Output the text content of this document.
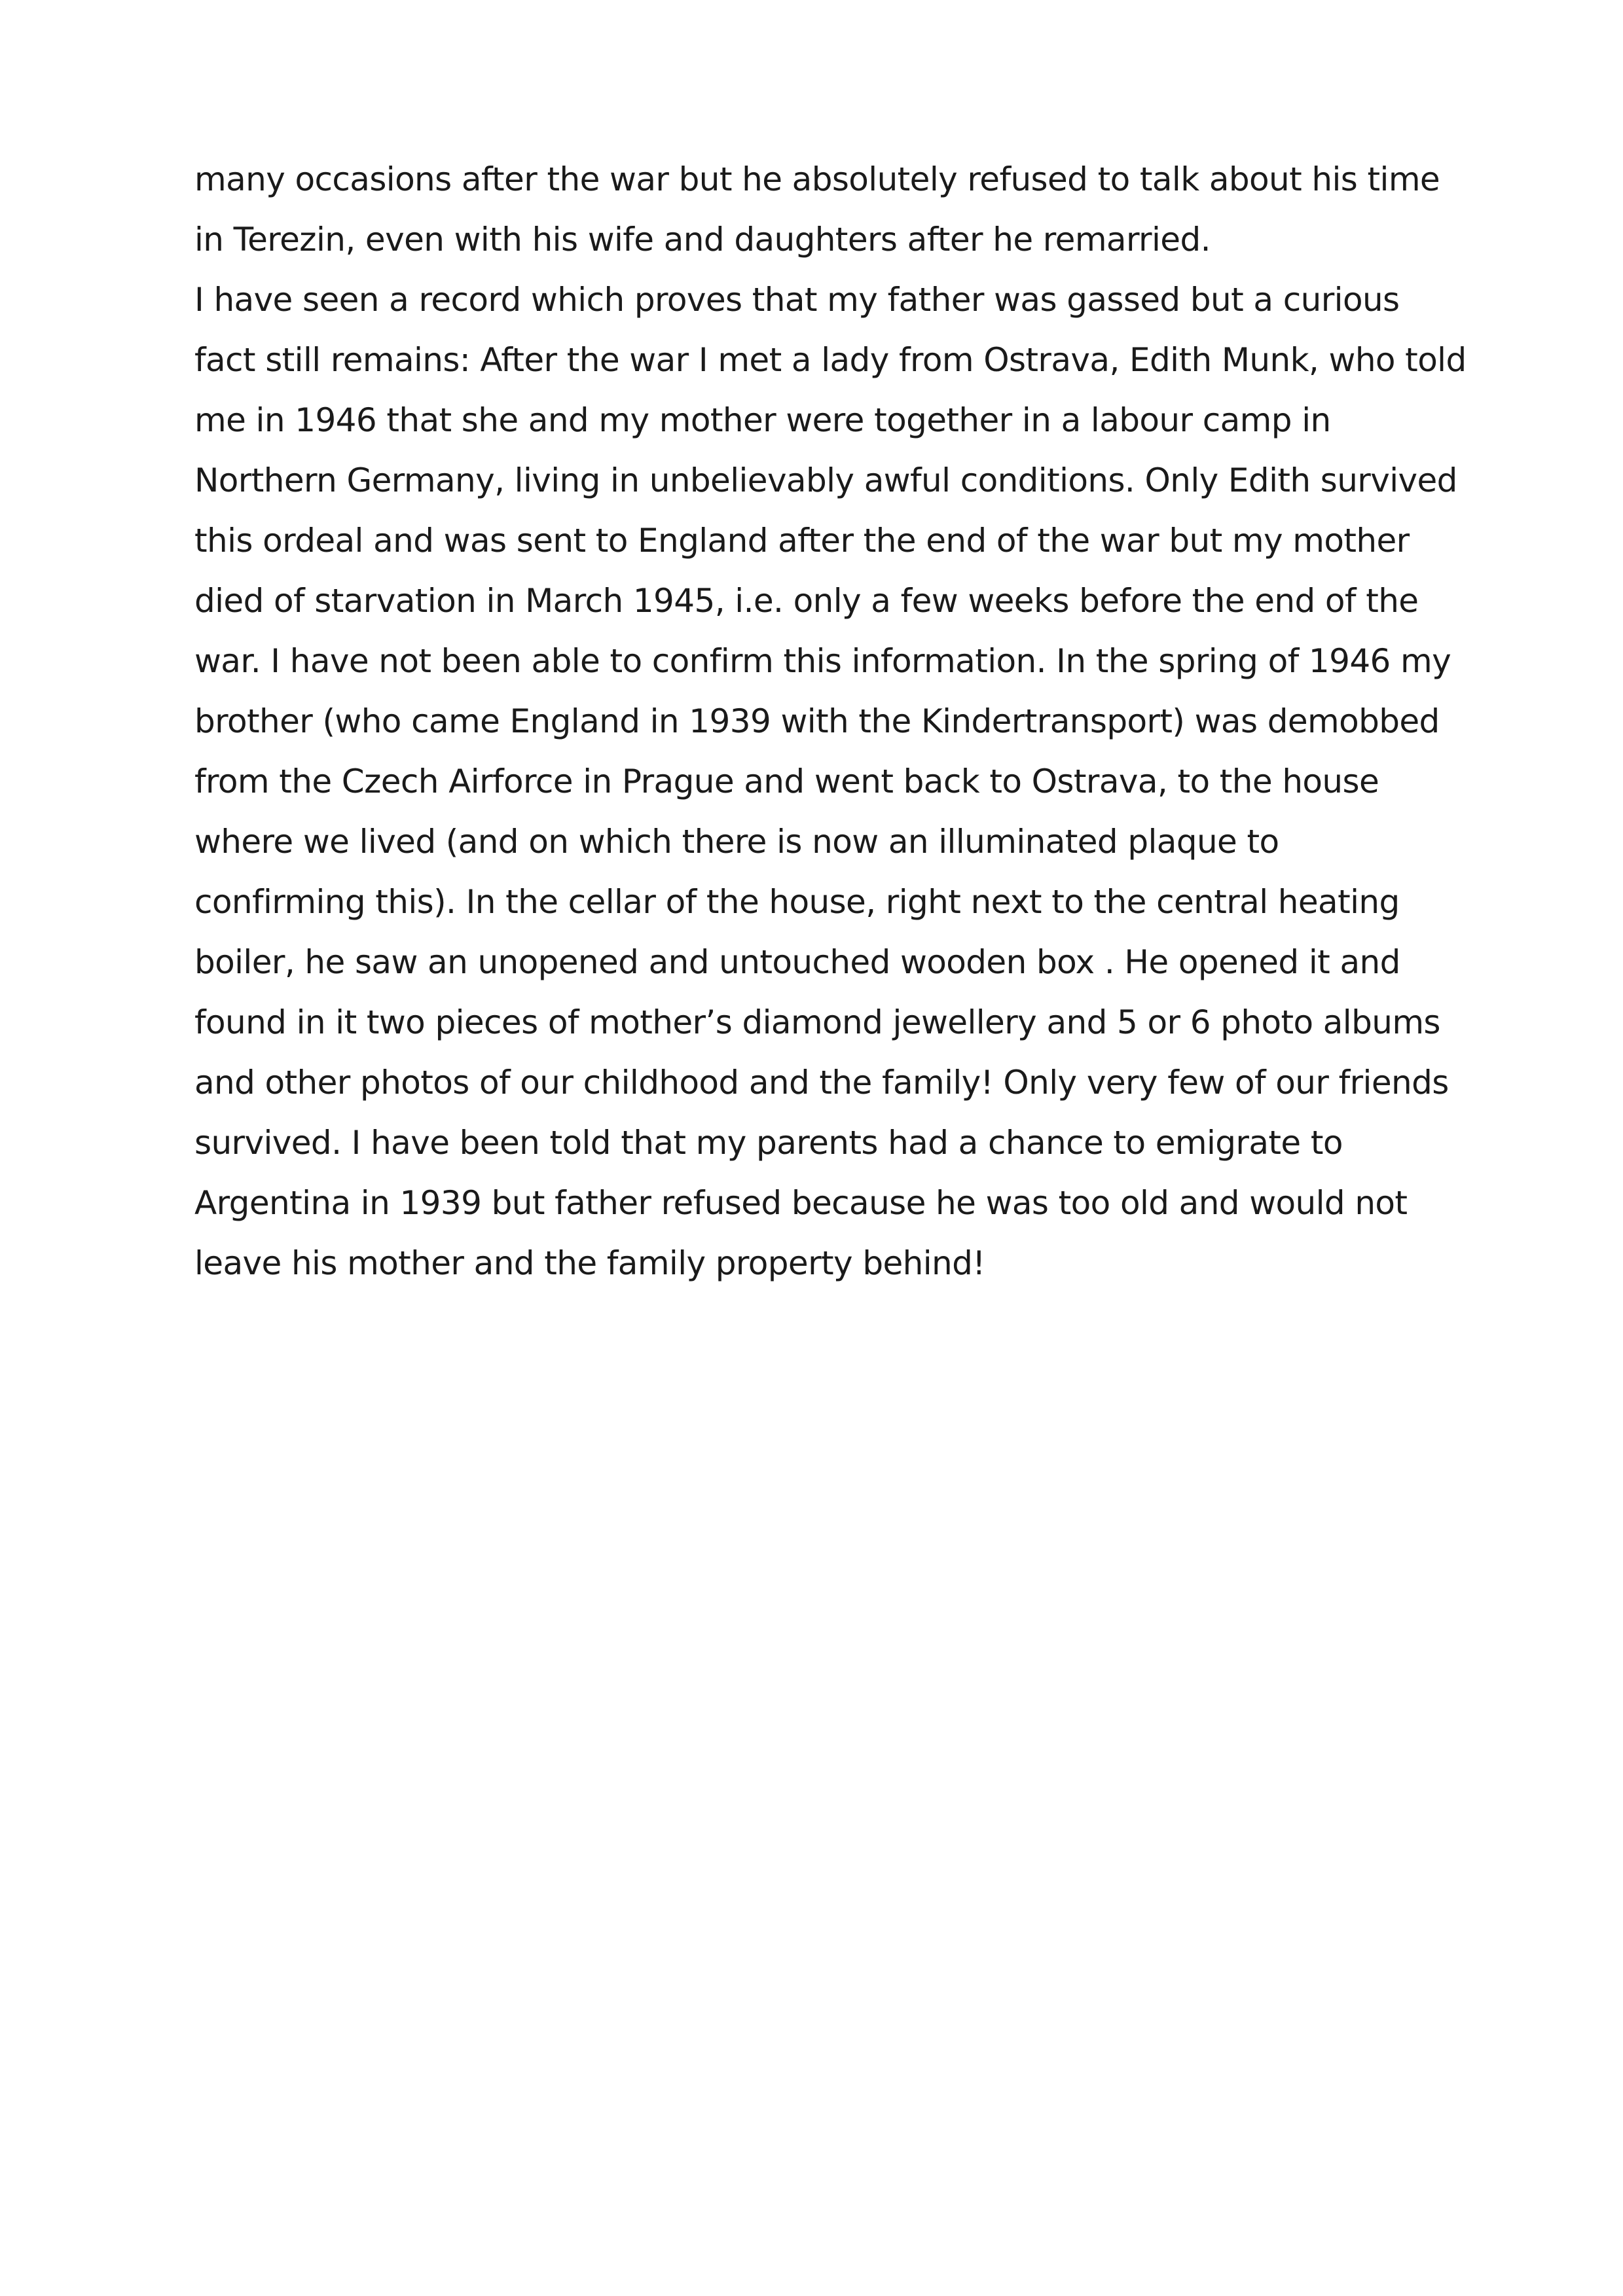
many occasions after the war but he absolutely refused to talk about his time
in Terezin, even with his wife and daughters after he remarried.
I have seen a record which proves that my father was gassed but a curious
fact still remains: After the war I met a lady from Ostrava, Edith Munk, who told
me in 1946 that she and my mother were together in a labour camp in
Northern Germany, living in unbelievably awful conditions. Only Edith survived
this ordeal and was sent to England after the end of the war but my mother
died of starvation in March 1945, i.e. only a few weeks before the end of the
war. I have not been able to confirm this information. In the spring of 1946 my
brother (who came England in 1939 with the Kindertransport) was demobbed
from the Czech Airforce in Prague and went back to Ostrava, to the house
where we lived (and on which there is now an illuminated plaque to
confirming this). In the cellar of the house, right next to the central heating
boiler, he saw an unopened and untouched wooden box . He opened it and
found in it two pieces of mother’s diamond jewellery and 5 or 6 photo albums
and other photos of our childhood and the family! Only very few of our friends
survived. I have been told that my parents had a chance to emigrate to
Argentina in 1939 but father refused because he was too old and would not
leave his mother and the family property behind!
